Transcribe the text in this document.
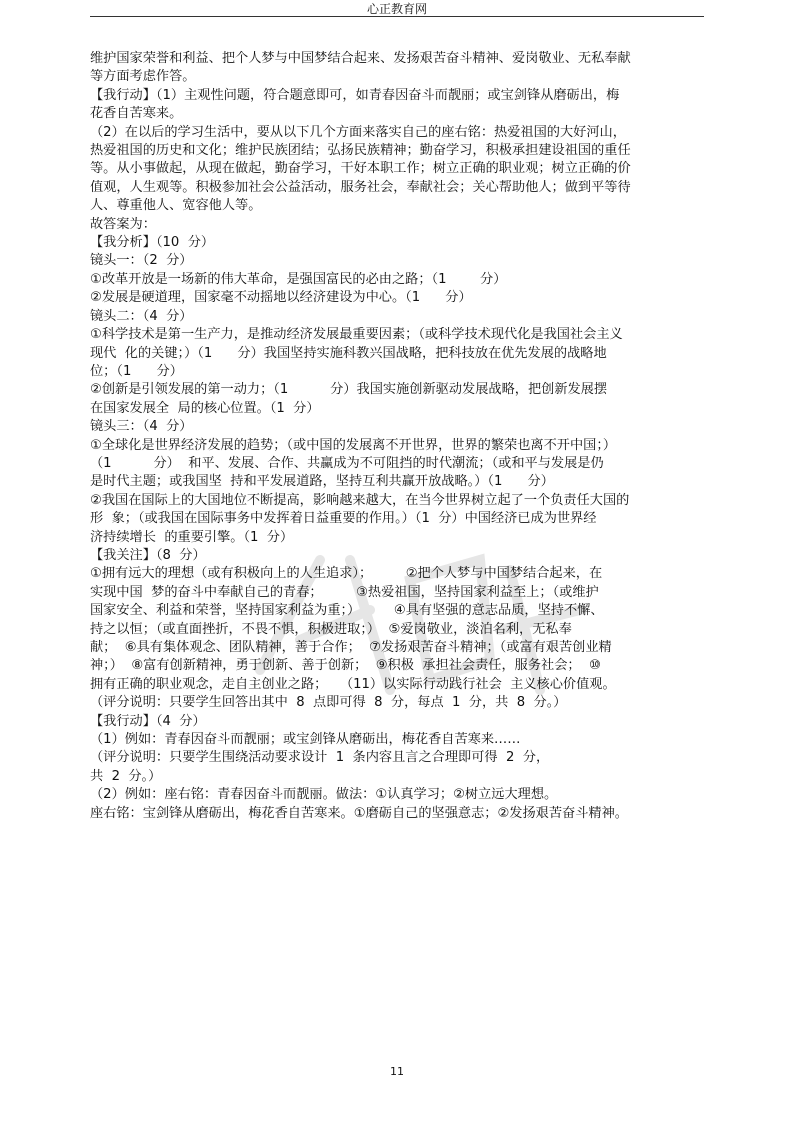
心正教育网
维护国家荣誉和利益、把个人梦与中国梦结合起来、发扬艰苦奋斗精神、爱岗敬业、无私奉献
等方面考虑作答。
【我行动】（1）主观性问题，符合题意即可，如青春因奋斗而靓丽；或宝剑锋从磨砺出，梅
花香自苦寒来。
（2）在以后的学习生活中，要从以下几个方面来落实自己的座右铭：热爱祖国的大好河山，
热爱祖国的历史和文化；维护民族团结；弘扬民族精神；勤奋学习，积极承担建设祖国的重任
等。从小事做起，从现在做起，勤奋学习，干好本职工作；树立正确的职业观；树立正确的价
值观，人生观等。积极参加社会公益活动，服务社会，奉献社会；关心帮助他人；做到平等待
人、尊重他人、宽容他人等。
故答案为：
【我分析】（10  分）
镜头一：（2  分）
①改革开放是一场新的伟大革命，是强国富民的必由之路；（1        分）
②发展是硬道理，国家毫不动摇地以经济建设为中心。（1      分）
镜头二：（4  分）
①科学技术是第一生产力，是推动经济发展最重要因素；（或科学技术现代化是我国社会主义
现代  化的关键；）（1      分）我国坚持实施科教兴国战略，把科技放在优先发展的战略地
位；（1      分）
②创新是引领发展的第一动力；（1          分）我国实施创新驱动发展战略，把创新发展摆
在国家发展全  局的核心位置。（1  分）
镜头三：（4  分）
①全球化是世界经济发展的趋势；（或中国的发展离不开世界，世界的繁荣也离不开中国；）
（1          分）  和平、发展、合作、共赢成为不可阻挡的时代潮流；（或和平与发展是仍
是时代主题；或我国坚  持和平发展道路，坚持互利共赢开放战略。）（1      分）
②我国在国际上的大国地位不断提高，影响越来越大，在当今世界树立起了一个负责任大国的
形  象；（或我国在国际事务中发挥着日益重要的作用。）（1  分）中国经济已成为世界经
济持续增长  的重要引擎。（1  分）
【我关注】（8  分）
①拥有远大的理想（或有积极向上的人生追求）；        ②把个人梦与中国梦结合起来，在
实现中国  梦的奋斗中奉献自己的青春；        ③热爱祖国，坚持国家利益至上；（或维护
国家安全、利益和荣誉，坚持国家利益为重；）        ④具有坚强的意志品质，坚持不懈、
持之以恒；（或直面挫折，不畏不惧，积极进取；）  ⑤爱岗敬业，淡泊名利，无私奉
献；  ⑥具有集体观念、团队精神，善于合作；  ⑦发扬艰苦奋斗精神；（或富有艰苦创业精
神；）  ⑧富有创新精神，勇于创新、善于创新；  ⑨积极  承担社会责任，服务社会；  ⑩
拥有正确的职业观念，走自主创业之路；   （11）以实际行动践行社会  主义核心价值观。
（评分说明：只要学生回答出其中  8  点即可得  8  分，每点  1  分，共  8  分。）
【我行动】（4  分）
（1）例如：青春因奋斗而靓丽；或宝剑锋从磨砺出，梅花香自苦寒来……
（评分说明：只要学生围绕活动要求设计  1  条内容且言之合理即可得  2  分，
共  2  分。）
（2）例如：座右铭：青春因奋斗而靓丽。做法：①认真学习；②树立远大理想。
座右铭：宝剑锋从磨砺出，梅花香自苦寒来。①磨砺自己的坚强意志；②发扬艰苦奋斗精神。
11
